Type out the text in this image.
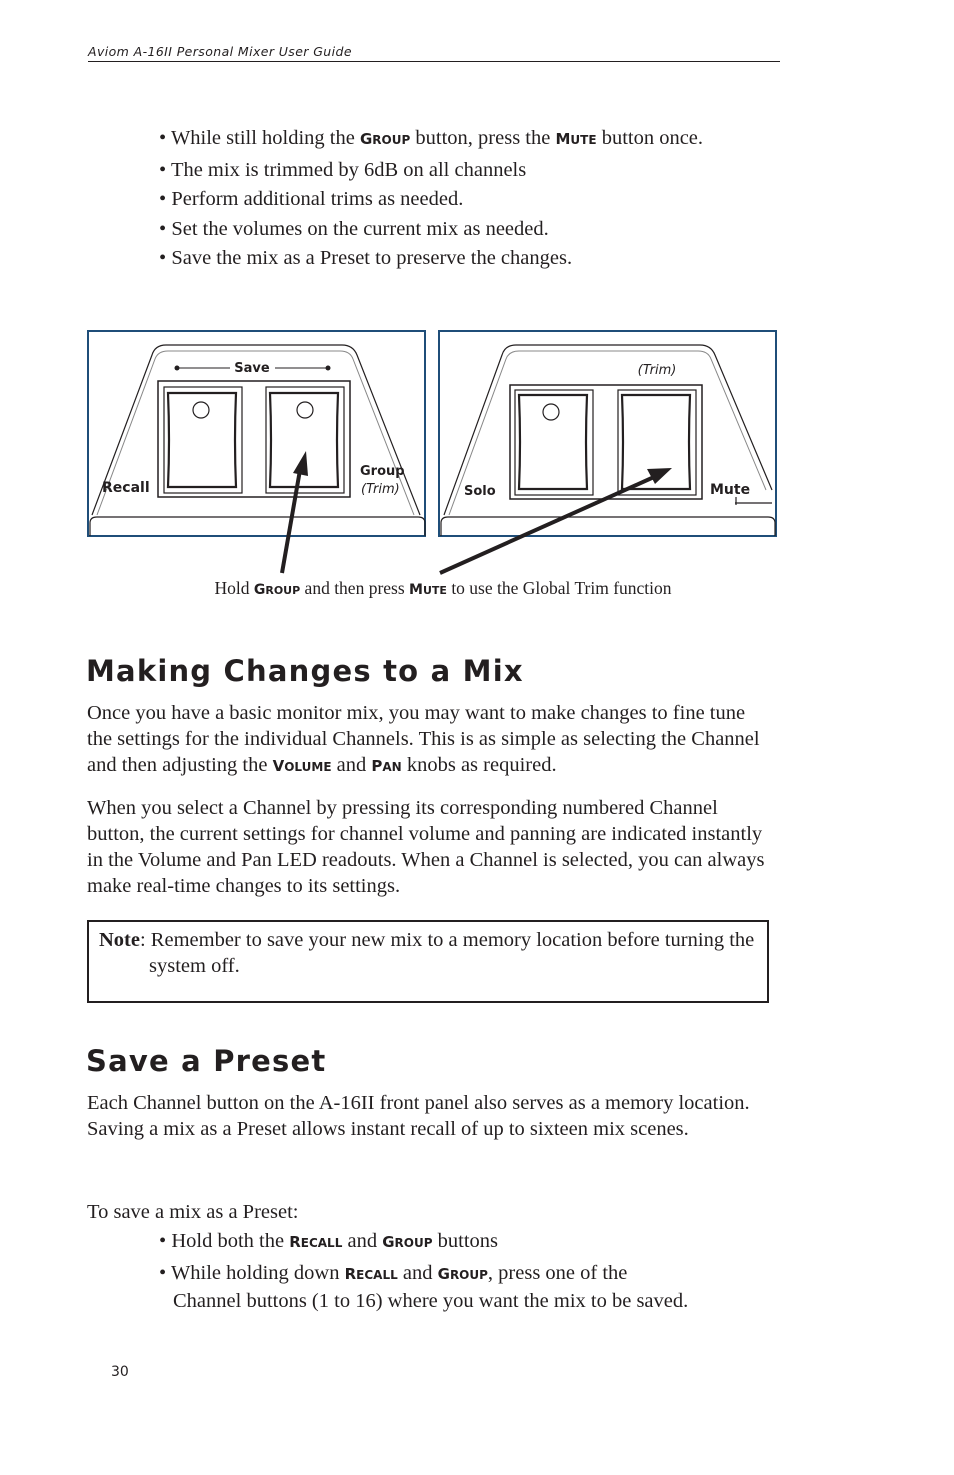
Aviom A-16II Personal Mixer User Guide
• While still holding the GROUP button, press the MUTE button once.
• The mix is trimmed by 6dB on all channels
• Perform additional trims as needed.
• Set the volumes on the current mix as needed.
• Save the mix as a Preset to preserve the changes.
Save
Recall
Group
(Trim)
(Trim)
Solo	Mute
Hold GROUP and then press MUTE to use the Global Trim function
Making Changes to a Mix

Once you have a basic monitor mix, you may want to make changes to fine tune the settings for the individual Channels. This is as simple as selecting the Channel and then adjusting the VOLUME and PAN knobs as required.

When you select a Channel by pressing its corresponding numbered Channel button, the current settings for channel volume and panning are indicated instantly in the Volume and Pan LED readouts. When a Channel is selected, you can always make real-time changes to its settings.

Note: Remember to save your new mix to a memory location before turning the system off.

Save a Preset

Each Channel button on the A-16II front panel also serves as a memory location. Saving a mix as a Preset allows instant recall of up to sixteen mix scenes.

To save a mix as a Preset:

• Hold both the RECALL and GROUP buttons
• While holding down RECALL and GROUP, press one of the Channel buttons (1 to 16) where you want the mix to be saved.
30
